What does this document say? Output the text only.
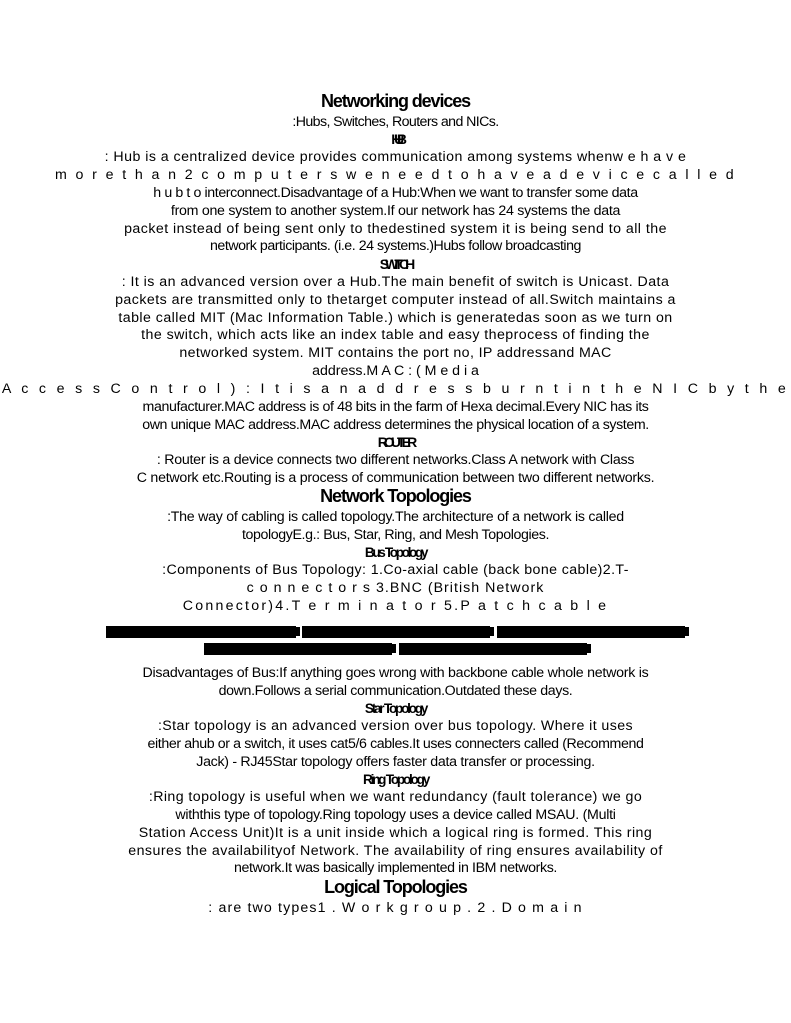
Networking devices
:Hubs, Switches, Routers and NICs.
HUB
: Hub is a centralized device provides communication among systems whenw e h a v e
m o r e t h a n 2 c o m p u t e r s w e n e e d t o h a v e a d e v i c e c a l l e d
h u b t o interconnect.Disadvantage of a Hub:When we want to transfer some data
from one system to another system.If our network has 24 systems the data
packet instead of being sent only to thedestined system it is being send to all the
network participants. (i.e. 24 systems.)Hubs follow broadcasting
SWITCH
: It is an advanced version over a Hub.The main benefit of switch is Unicast. Data
packets are transmitted only to thetarget computer instead of all.Switch maintains a
table called MIT (Mac Information Table.) which is generatedas soon as we turn on
the switch, which acts like an index table and easy theprocess of finding the
networked system. MIT contains the port no, IP addressand MAC
address.M A C : ( M e d i a
A c c e s s C o n t r o l ) : I t i s a n a d d r e s s b u r n t i n t h e N I C b y t h e
manufacturer.MAC address is of 48 bits in the farm of Hexa decimal.Every NIC has its
own unique MAC address.MAC address determines the physical location of a system.
ROUTER
: Router is a device connects two different networks.Class A network with Class
C network etc.Routing is a process of communication between two different networks.
Network Topologies
:The way of cabling is called topology.The architecture of a network is called
topologyE.g.: Bus, Star, Ring, and Mesh Topologies.
Bus Topology
:Components of Bus Topology: 1.Co-axial cable (back bone cable)2.T-
c o n n e c t o r s 3.BNC (British Network
Connector)4.T e r m i n a t o r 5.P a t c h c a b l e
Disadvantages of Bus:If anything goes wrong with backbone cable whole network is
down.Follows a serial communication.Outdated these days.
Star Topology
:Star topology is an advanced version over bus topology. Where it uses
either ahub or a switch, it uses cat5/6 cables.It uses connecters called (Recommend
Jack) - RJ45Star topology offers faster data transfer or processing.
Ring Topology
:Ring topology is useful when we want redundancy (fault tolerance) we go
withthis type of topology.Ring topology uses a device called MSAU. (Multi
Station Access Unit)It is a unit inside which a logical ring is formed. This ring
ensures the availabilityof Network. The availability of ring ensures availability of
network.It was basically implemented in IBM networks.
Logical Topologies
: are two types1 . W o r k g r o u p . 2 . D o m a i n
